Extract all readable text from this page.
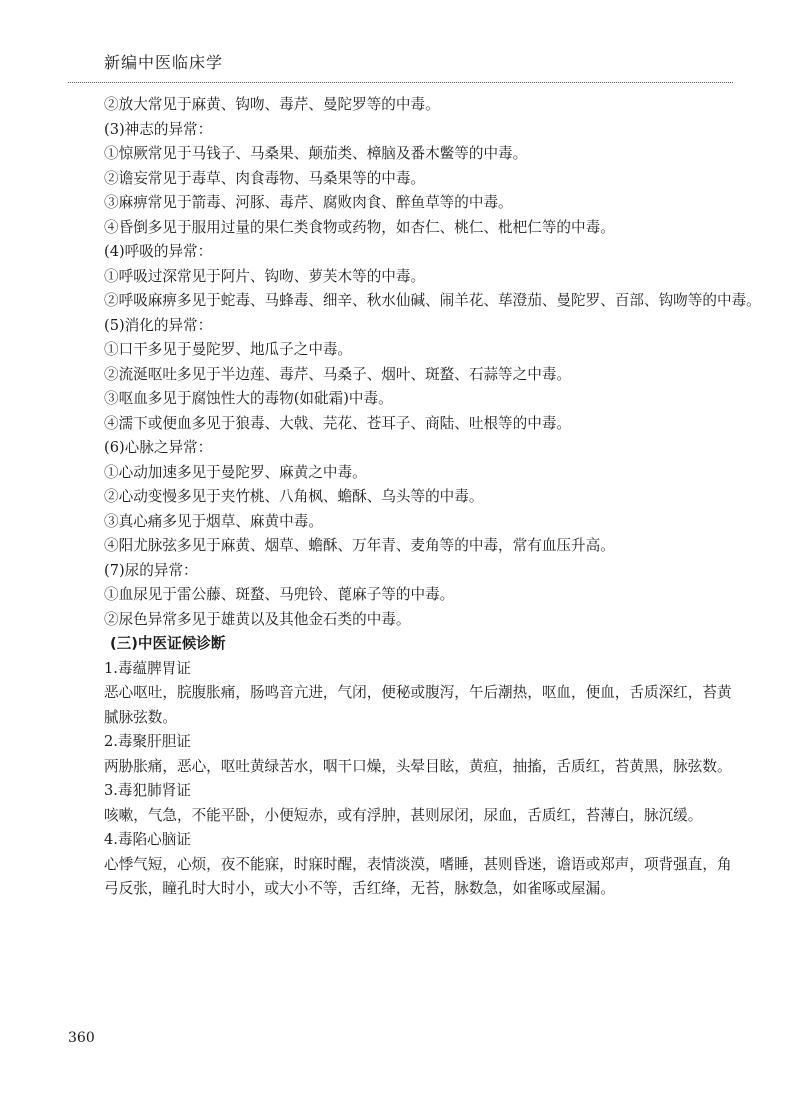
新编中医临床学
②放大常见于麻黄、钩吻、毒芹、曼陀罗等的中毒。
(3)神志的异常：
①惊厥常见于马钱子、马桑果、颠茄类、樟脑及番木鳖等的中毒。
②谵妄常见于毒草、肉食毒物、马桑果等的中毒。
③麻痹常见于箭毒、河豚、毒芹、腐败肉食、醉鱼草等的中毒。
④昏倒多见于服用过量的果仁类食物或药物，如杏仁、桃仁、枇杷仁等的中毒。
(4)呼吸的异常：
①呼吸过深常见于阿片、钩吻、萝芙木等的中毒。
②呼吸麻痹多见于蛇毒、马蜂毒、细辛、秋水仙碱、闹羊花、荜澄茄、曼陀罗、百部、钩吻等的中毒。
(5)消化的异常：
①口干多见于曼陀罗、地瓜子之中毒。
②流涎呕吐多见于半边莲、毒芹、马桑子、烟叶、斑蝥、石蒜等之中毒。
③呕血多见于腐蚀性大的毒物(如砒霜)中毒。
④濡下或便血多见于狼毒、大戟、芫花、苍耳子、商陆、吐根等的中毒。
(6)心脉之异常：
①心动加速多见于曼陀罗、麻黄之中毒。
②心动变慢多见于夹竹桃、八角枫、蟾酥、乌头等的中毒。
③真心痛多见于烟草、麻黄中毒。
④阳尤脉弦多见于麻黄、烟草、蟾酥、万年青、麦角等的中毒，常有血压升高。
(7)尿的异常：
①血尿见于雷公藤、斑蝥、马兜铃、蓖麻子等的中毒。
②尿色异常多见于雄黄以及其他金石类的中毒。
(三)中医证候诊断
1.毒蕴脾胃证
恶心呕吐，脘腹胀痛，肠鸣音亢进，气闭，便秘或腹泻，午后潮热，呕血，便血，舌质深红，苔黄腻脉弦数。
2.毒聚肝胆证
两胁胀痛，恶心，呕吐黄绿苦水，咽干口燥，头晕目眩，黄疸，抽搐，舌质红，苔黄黑，脉弦数。
3.毒犯肺肾证
咳嗽，气急，不能平卧，小便短赤，或有浮肿，甚则尿闭，尿血，舌质红，苔薄白，脉沉缓。
4.毒陷心脑证
心悸气短，心烦，夜不能寐，时寐时醒，表情淡漠，嗜睡，甚则昏迷，谵语或郑声，项背强直，角弓反张，瞳孔时大时小，或大小不等，舌红绛，无苔，脉数急，如雀啄或屋漏。
360
